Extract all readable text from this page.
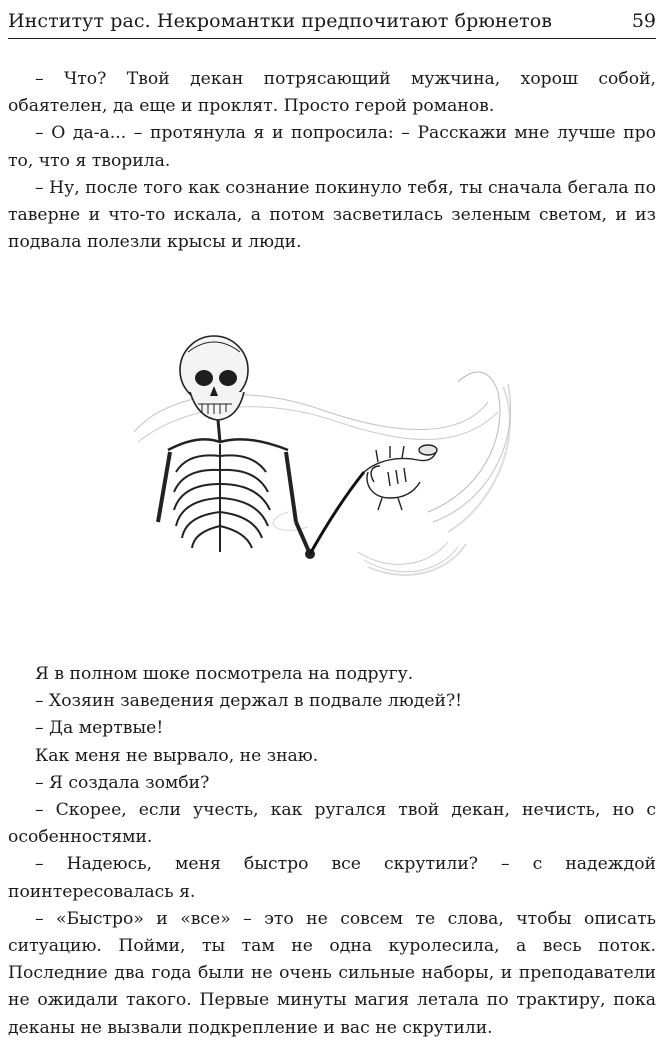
Институт рас. Некромантки предпочитают брюнетов	59

– Что? Твой декан потрясающий мужчина, хорош собой, обаятелен, да еще и проклят. Просто герой романов.

– О да-а... – протянула я и попросила: – Расскажи мне лучше про то, что я творила.

– Ну, после того как сознание покинуло тебя, ты сначала бегала по таверне и что-то искала, а потом засветилась зеленым светом, и из подвала полезли крысы и люди.

Я в полном шоке посмотрела на подругу.

– Хозяин заведения держал в подвале людей?!

– Да мертвые!

Как меня не вырвало, не знаю.

– Я создала зомби?

– Скорее, если учесть, как ругался твой декан, нечисть, но с особенностями.

– Надеюсь, меня быстро все скрутили? – с надеждой поинтересовалась я.

– «Быстро» и «все» – это не совсем те слова, чтобы описать ситуацию. Пойми, ты там не одна куролесила, а весь поток. Последние два года были не очень сильные наборы, и преподаватели не ожидали такого. Первые минуты магия летала по трактиру, пока деканы не вызвали подкрепление и вас не скрутили.
